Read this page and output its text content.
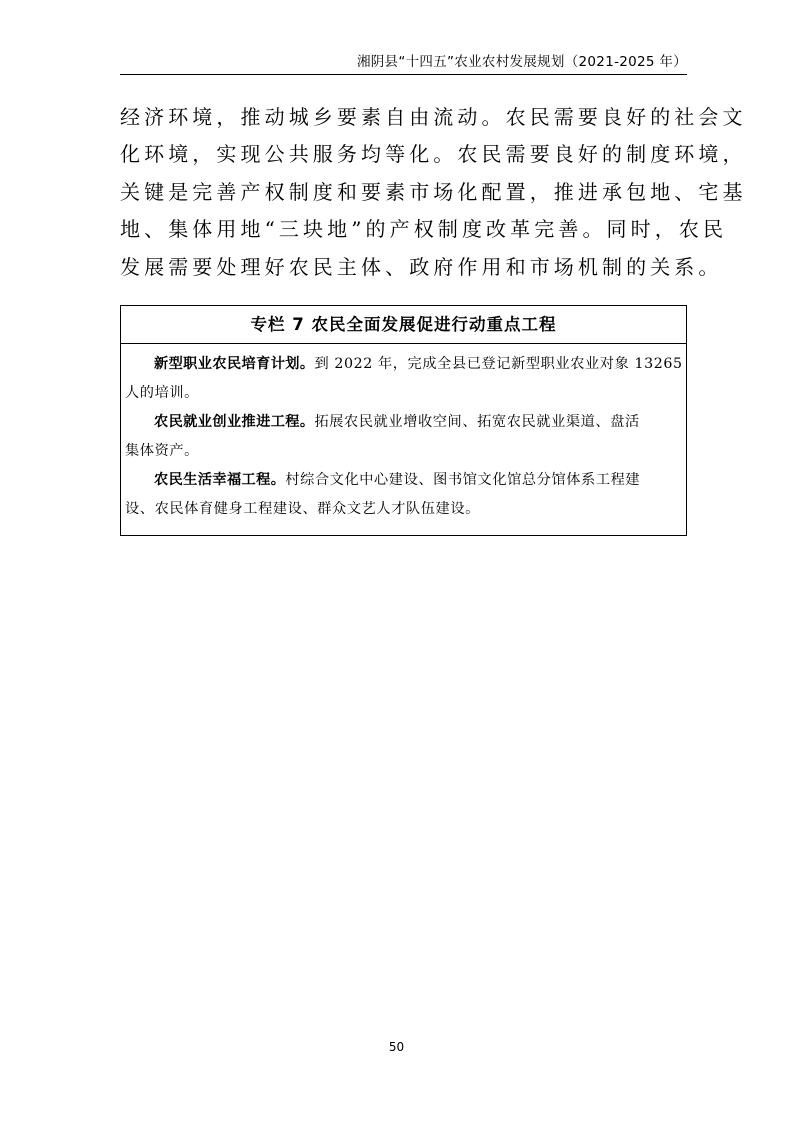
湘阴县“十四五”农业农村发展规划（2021-2025 年）
经济环境，推动城乡要素自由流动。农民需要良好的社会文
化环境，实现公共服务均等化。农民需要良好的制度环境，
关键是完善产权制度和要素市场化配置，推进承包地、宅基
地、集体用地“三块地”的产权制度改革完善。同时，农民
发展需要处理好农民主体、政府作用和市场机制的关系。
专栏 7 农民全面发展促进行动重点工程
新型职业农民培育计划。到 2022 年，完成全县已登记新型职业农业对象 13265
人的培训。
农民就业创业推进工程。拓展农民就业增收空间、拓宽农民就业渠道、盘活
集体资产。
农民生活幸福工程。村综合文化中心建设、图书馆文化馆总分馆体系工程建
设、农民体育健身工程建设、群众文艺人才队伍建设。
50
